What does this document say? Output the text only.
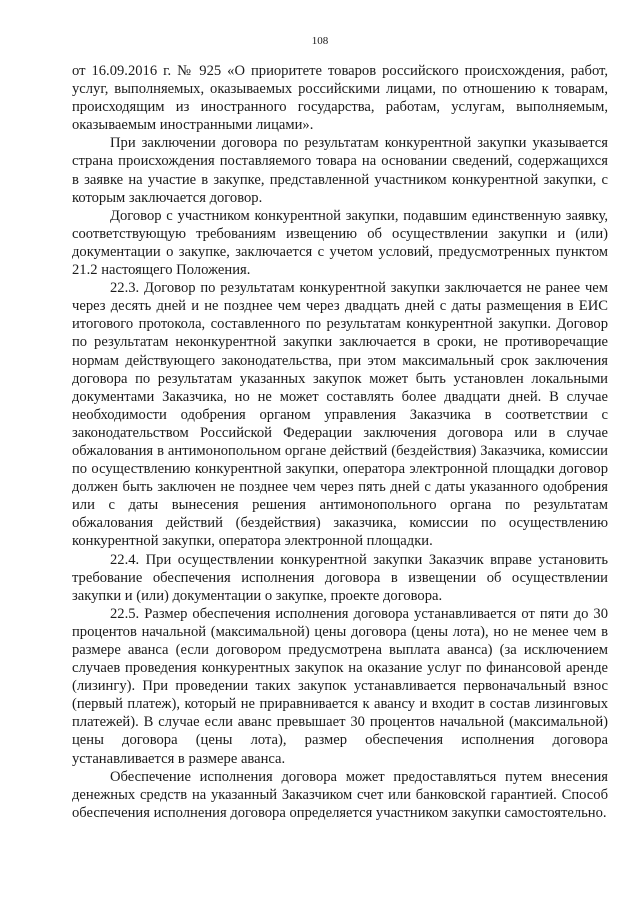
108

от 16.09.2016 г. № 925 «О приоритете товаров российского происхождения, работ, услуг, выполняемых, оказываемых российскими лицами, по отношению к товарам, происходящим из иностранного государства, работам, услугам, выполняемым, оказываемым иностранными лицами».

При заключении договора по результатам конкурентной закупки указывается страна происхождения поставляемого товара на основании сведений, содержащихся в заявке на участие в закупке, представленной участником конкурентной закупки, с которым заключается договор.

Договор с участником конкурентной закупки, подавшим единственную заявку, соответствующую требованиям извещению об осуществлении закупки и (или) документации о закупке, заключается с учетом условий, предусмотренных пунктом 21.2 настоящего Положения.

22.3. Договор по результатам конкурентной закупки заключается не ранее чем через десять дней и не позднее чем через двадцать дней с даты размещения в ЕИС итогового протокола, составленного по результатам конкурентной закупки. Договор по результатам неконкурентной закупки заключается в сроки, не противоречащие нормам действующего законодательства, при этом максимальный срок заключения договора по результатам указанных закупок может быть установлен локальными документами Заказчика, но не может составлять более двадцати дней. В случае необходимости одобрения органом управления Заказчика в соответствии с законодательством Российской Федерации заключения договора или в случае обжалования в антимонопольном органе действий (бездействия) Заказчика, комиссии по осуществлению конкурентной закупки, оператора электронной площадки договор должен быть заключен не позднее чем через пять дней с даты указанного одобрения или с даты вынесения решения антимонопольного органа по результатам обжалования действий (бездействия) заказчика, комиссии по осуществлению конкурентной закупки, оператора электронной площадки.

22.4. При осуществлении конкурентной закупки Заказчик вправе установить требование обеспечения исполнения договора в извещении об осуществлении закупки и (или) документации о закупке, проекте договора.

22.5. Размер обеспечения исполнения договора устанавливается от пяти до 30 процентов начальной (максимальной) цены договора (цены лота), но не менее чем в размере аванса (если договором предусмотрена выплата аванса) (за исключением случаев проведения конкурентных закупок на оказание услуг по финансовой аренде (лизингу). При проведении таких закупок устанавливается первоначальный взнос (первый платеж), который не приравнивается к авансу и входит в состав лизинговых платежей). В случае если аванс превышает 30 процентов начальной (максимальной) цены договора (цены лота), размер обеспечения исполнения договора устанавливается в размере аванса.

Обеспечение исполнения договора может предоставляться путем внесения денежных средств на указанный Заказчиком счет или банковской гарантией. Способ обеспечения исполнения договора определяется участником закупки самостоятельно.
